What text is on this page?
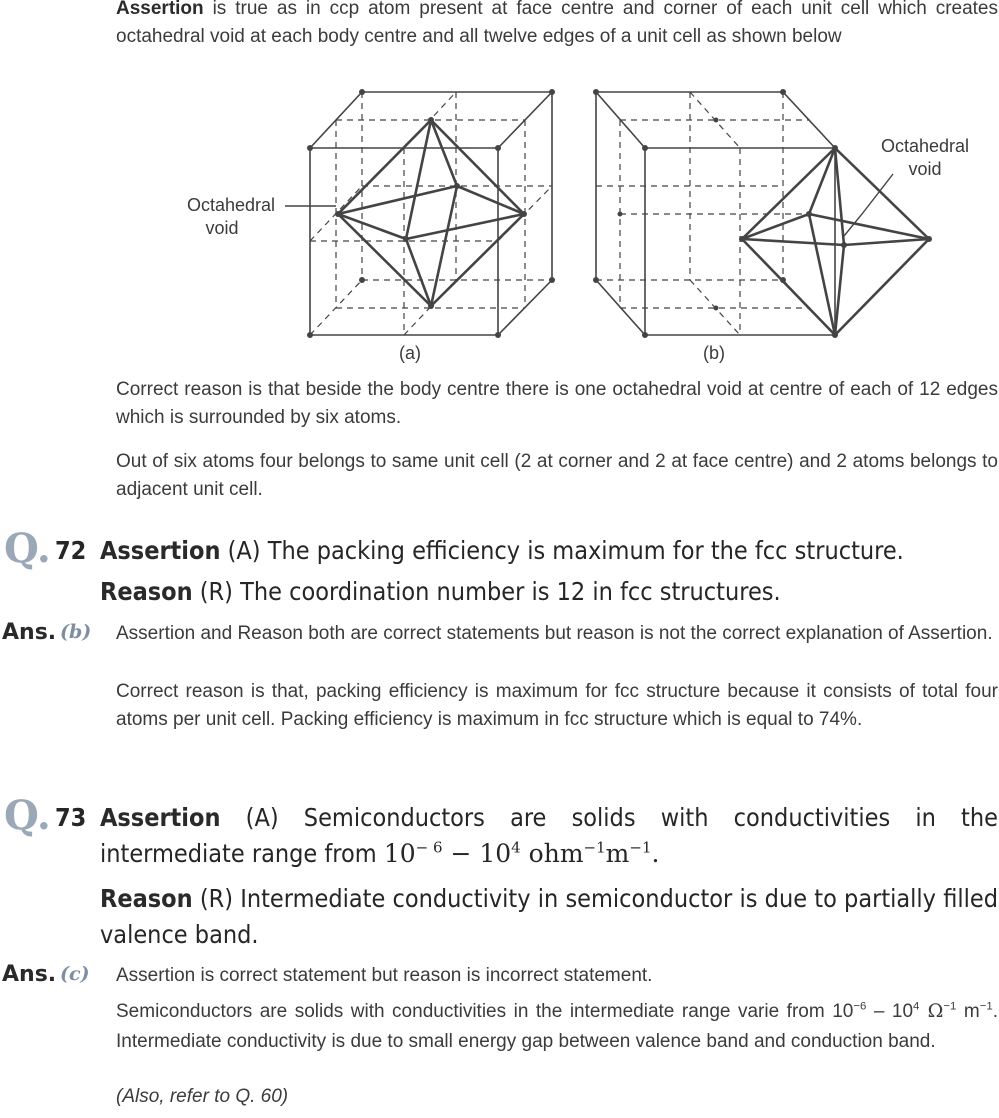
Assertion is true as in ccp atom present at face centre and corner of each unit cell which creates octahedral void at each body centre and all twelve edges of a unit cell as shown below

Octahedral
void
Octahedral
void
(a)	(b)

Correct reason is that beside the body centre there is one octahedral void at centre of each of 12 edges which is surrounded by six atoms.

Out of six atoms four belongs to same unit cell (2 at corner and 2 at face centre) and 2 atoms belongs to adjacent unit cell.

Q. 72 Assertion (A) The packing efficiency is maximum for the fcc structure.
Reason (R) The coordination number is 12 in fcc structures.
Ans. (b) Assertion and Reason both are correct statements but reason is not the correct explanation of Assertion.

Correct reason is that, packing efficiency is maximum for fcc structure because it consists of total four atoms per unit cell. Packing efficiency is maximum in fcc structure which is equal to 74%.

Q. 73 Assertion (A) Semiconductors are solids with conductivities in the intermediate range from $10^{- 6} - 10^4$ $ohm^{-1}m^{-1}$.
Reason (R) Intermediate conductivity in semiconductor is due to partially filled valence band.
Ans. (c) Assertion is correct statement but reason is incorrect statement.

Semiconductors are solids with conductivities in the intermediate range varie from $10^{-6} - 10^4$ $\Omega^{-1}$ $m^{-1}$. Intermediate conductivity is due to small energy gap between valence band and conduction band.

(Also, refer to Q. 60)
